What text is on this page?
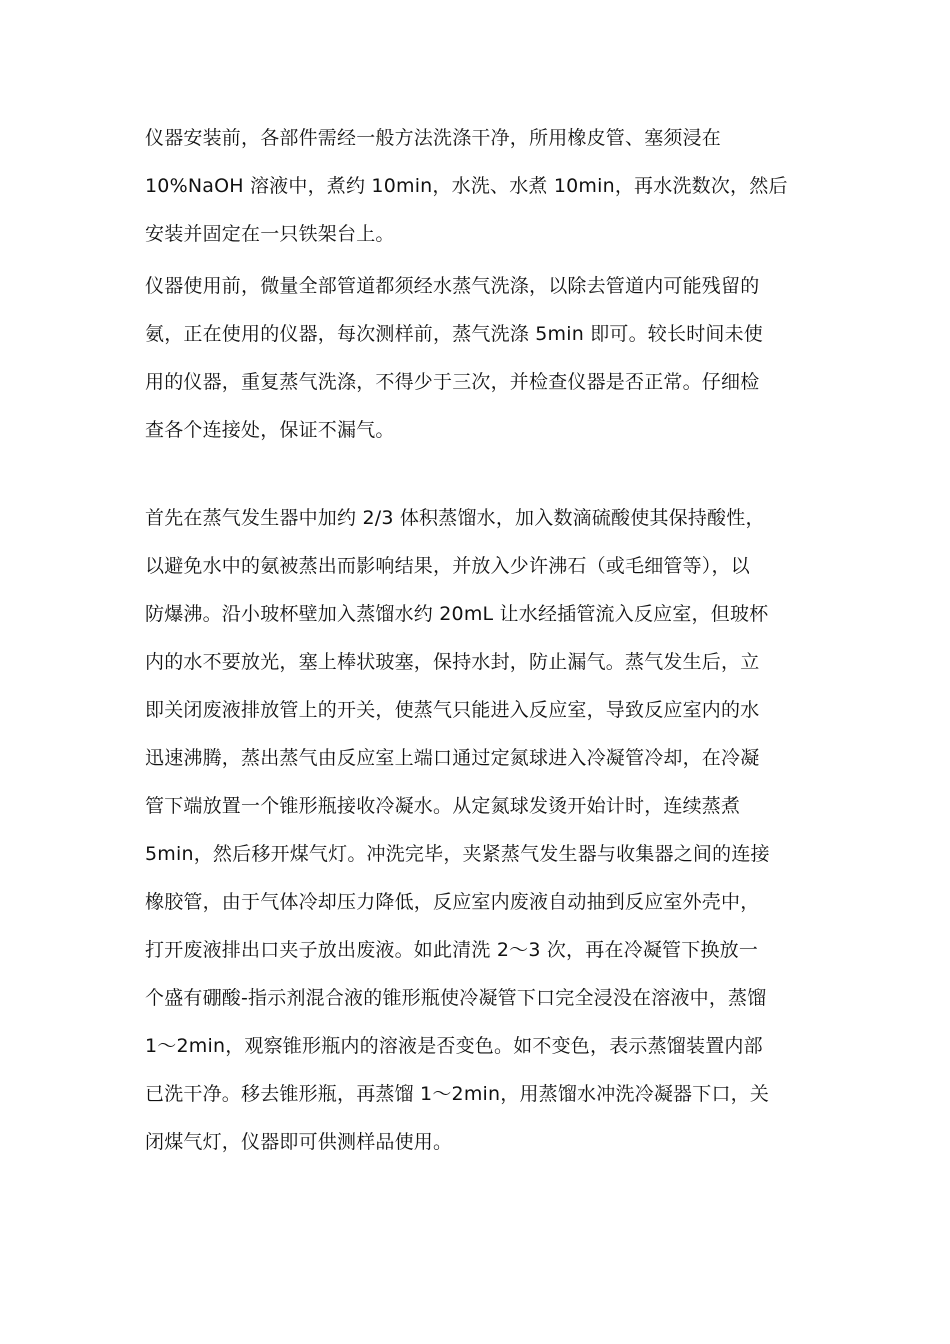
仪器安装前，各部件需经一般方法洗涤干净，所用橡皮管、塞须浸在
10%NaOH 溶液中，煮约 10min，水洗、水煮 10min，再水洗数次，然后
安装并固定在一只铁架台上。
仪器使用前，微量全部管道都须经水蒸气洗涤，以除去管道内可能残留的
氨，正在使用的仪器，每次测样前，蒸气洗涤 5min 即可。较长时间未使
用的仪器，重复蒸气洗涤，不得少于三次，并检查仪器是否正常。仔细检
查各个连接处，保证不漏气。
首先在蒸气发生器中加约 2/3 体积蒸馏水，加入数滴硫酸使其保持酸性，
以避免水中的氨被蒸出而影响结果，并放入少许沸石（或毛细管等），以
防爆沸。沿小玻杯壁加入蒸馏水约 20mL 让水经插管流入反应室，但玻杯
内的水不要放光，塞上棒状玻塞，保持水封，防止漏气。蒸气发生后，立
即关闭废液排放管上的开关，使蒸气只能进入反应室，导致反应室内的水
迅速沸腾，蒸出蒸气由反应室上端口通过定氮球进入冷凝管冷却，在冷凝
管下端放置一个锥形瓶接收冷凝水。从定氮球发烫开始计时，连续蒸煮
5min，然后移开煤气灯。冲洗完毕，夹紧蒸气发生器与收集器之间的连接
橡胶管，由于气体冷却压力降低，反应室内废液自动抽到反应室外壳中，
打开废液排出口夹子放出废液。如此清洗 2～3 次，再在冷凝管下换放一
个盛有硼酸-指示剂混合液的锥形瓶使冷凝管下口完全浸没在溶液中，蒸馏
1～2min，观察锥形瓶内的溶液是否变色。如不变色，表示蒸馏装置内部
已洗干净。移去锥形瓶，再蒸馏 1～2min，用蒸馏水冲洗冷凝器下口，关
闭煤气灯，仪器即可供测样品使用。
